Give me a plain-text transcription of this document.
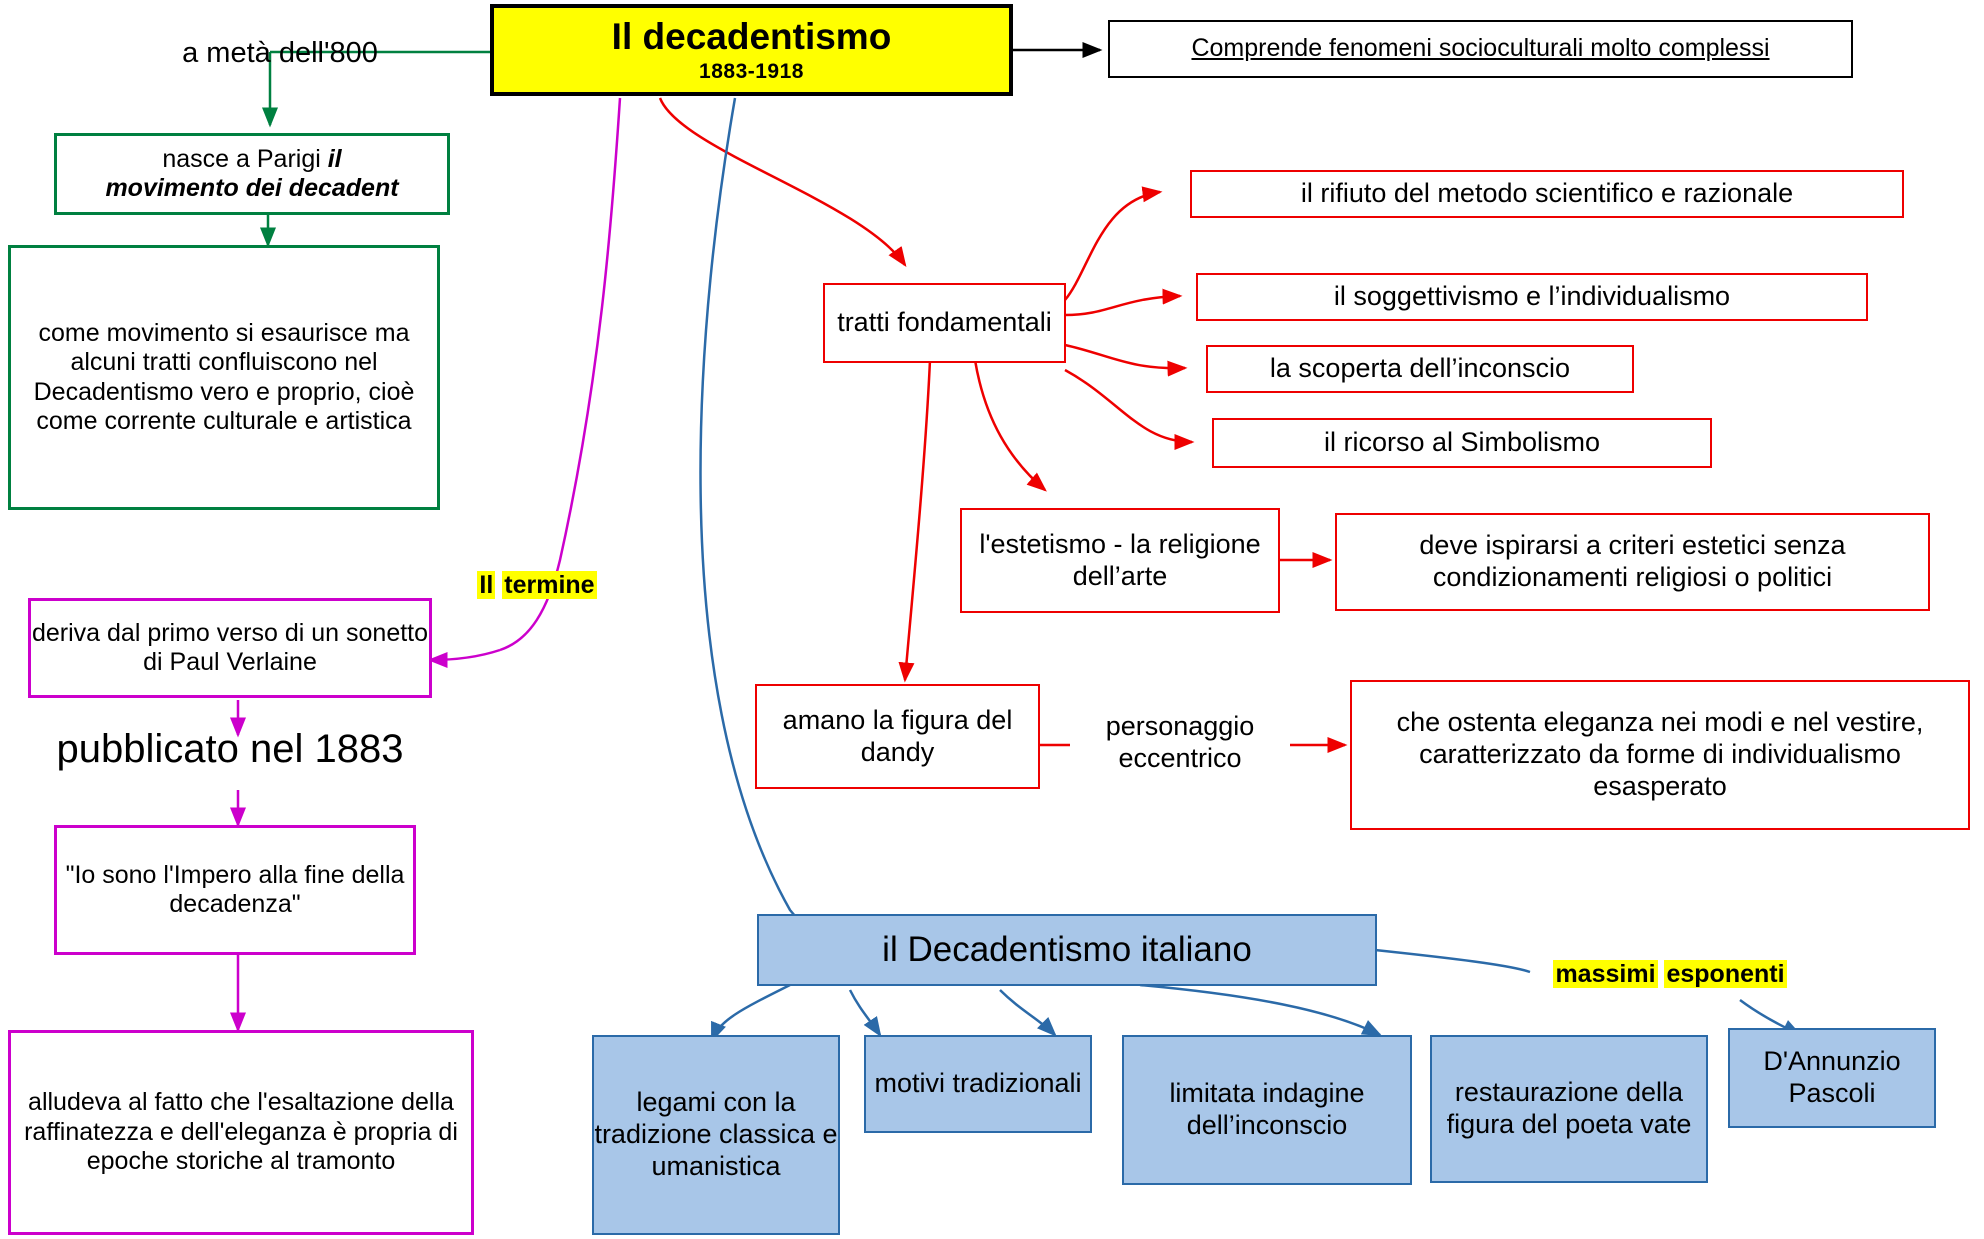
Il decadentismo
1883-1918
Comprende fenomeni socioculturali molto complessi
a metà dell'800
nasce a Parigi il
movimento dei decadent
come movimento si esaurisce ma alcuni tratti confluiscono nel Decadentismo vero e proprio, cioè come corrente culturale e artistica
Il termine
deriva dal primo verso di un sonetto di Paul Verlaine
pubblicato nel 1883
"Io sono l'Impero alla fine della decadenza"
alludeva al fatto che l'esaltazione della raffinatezza e dell'eleganza è propria di epoche storiche al tramonto
tratti fondamentali
il rifiuto del metodo scientifico e razionale
il soggettivismo e l’individualismo
la scoperta dell’inconscio
il ricorso al Simbolismo
l'estetismo - la religione dell’arte
deve ispirarsi a criteri estetici senza condizionamenti religiosi o politici
amano la figura del dandy
personaggio eccentrico
che ostenta eleganza nei modi e nel vestire, caratterizzato da forme di individualismo esasperato
il Decadentismo italiano
massimi esponenti
legami con la tradizione classica e umanistica
motivi tradizionali	limitata indagine dell’inconscio
restaurazione della figura del poeta vate
D'Annunzio Pascoli
